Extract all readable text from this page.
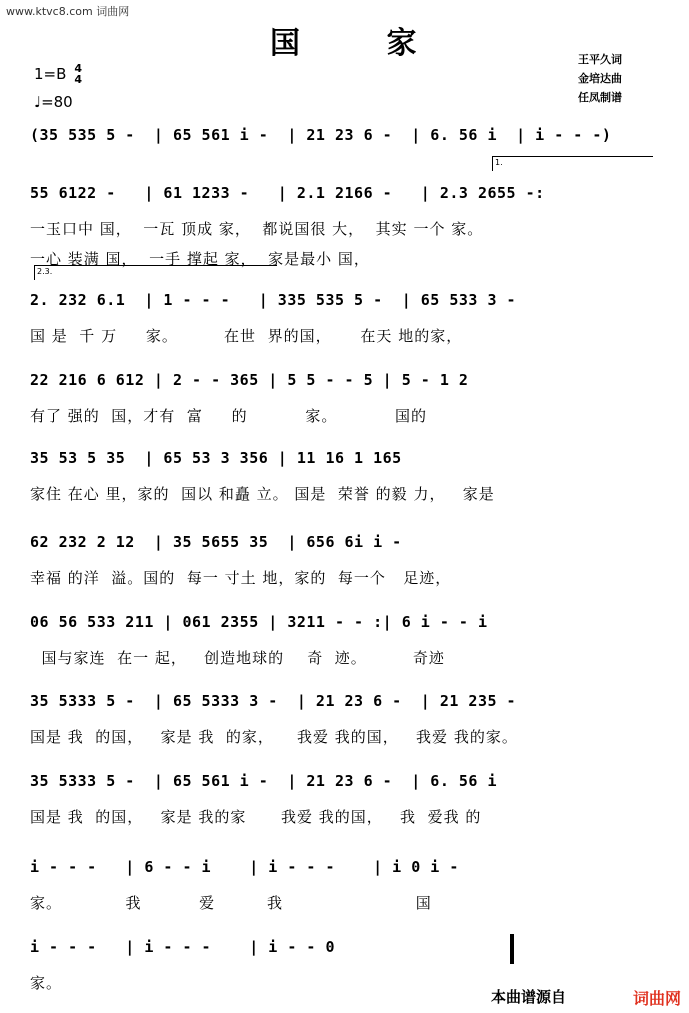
www.ktvc8.com 词曲网
国 家	王平久词
金培达曲
任凤制谱
1=B 4
4
♩=80
(35 535 5 -  | 65 561 i -  | 21 23 6 -  | 6. 56 i  | i - - -)
1.
55 6122 -   | 61 1233 -   | 2.1 2166 -   | 2.3 2655 -:
一玉口中 国，  一瓦 顶成 家，  都说国很 大，  其实 一个 家。
一心 装满 国，  一手 撑起 家，  家是最小 国，
2.3.
2. 232 6.1  | 1 - - -   | 335 535 5 -  | 65 533 3 -
国 是  千 万     家。        在世  界的国，     在天 地的家，
22 216 6 612 | 2 - - 365 | 5 5 - - 5 | 5 - 1 2
有了 强的  国，才有  富     的          家。          国的
35 53 5 35  | 65 53 3 356 | 11 16 1 165
家住 在心 里，家的  国以 和矗 立。 国是  荣誉 的毅 力，   家是
62 232 2 12  | 35 5655 35  | 656 6i i -
幸福 的洋  溢。国的  每一 寸土 地，家的  每一个   足迹，
06 56 533 211 | 061 2355 | 3211 - - :| 6 i - - i
国与家连  在一 起，   创造地球的    奇  迹。        奇迹
35 5333 5 -  | 65 5333 3 -  | 21 23 6 -  | 21 235 -
国是 我  的国，   家是 我  的家，    我爱 我的国，   我爱 我的家。
35 5333 5 -  | 65 561 i -  | 21 23 6 -  | 6. 56 i
国是 我  的国，   家是 我的家      我爱 我的国，   我  爱我 的
i - - -   | 6 - - i    | i - - -    | i 0 i -
家。           我          爱         我                       国
i - - -   | i - - -    | i - - 0
家。
本曲谱源自	词曲网
